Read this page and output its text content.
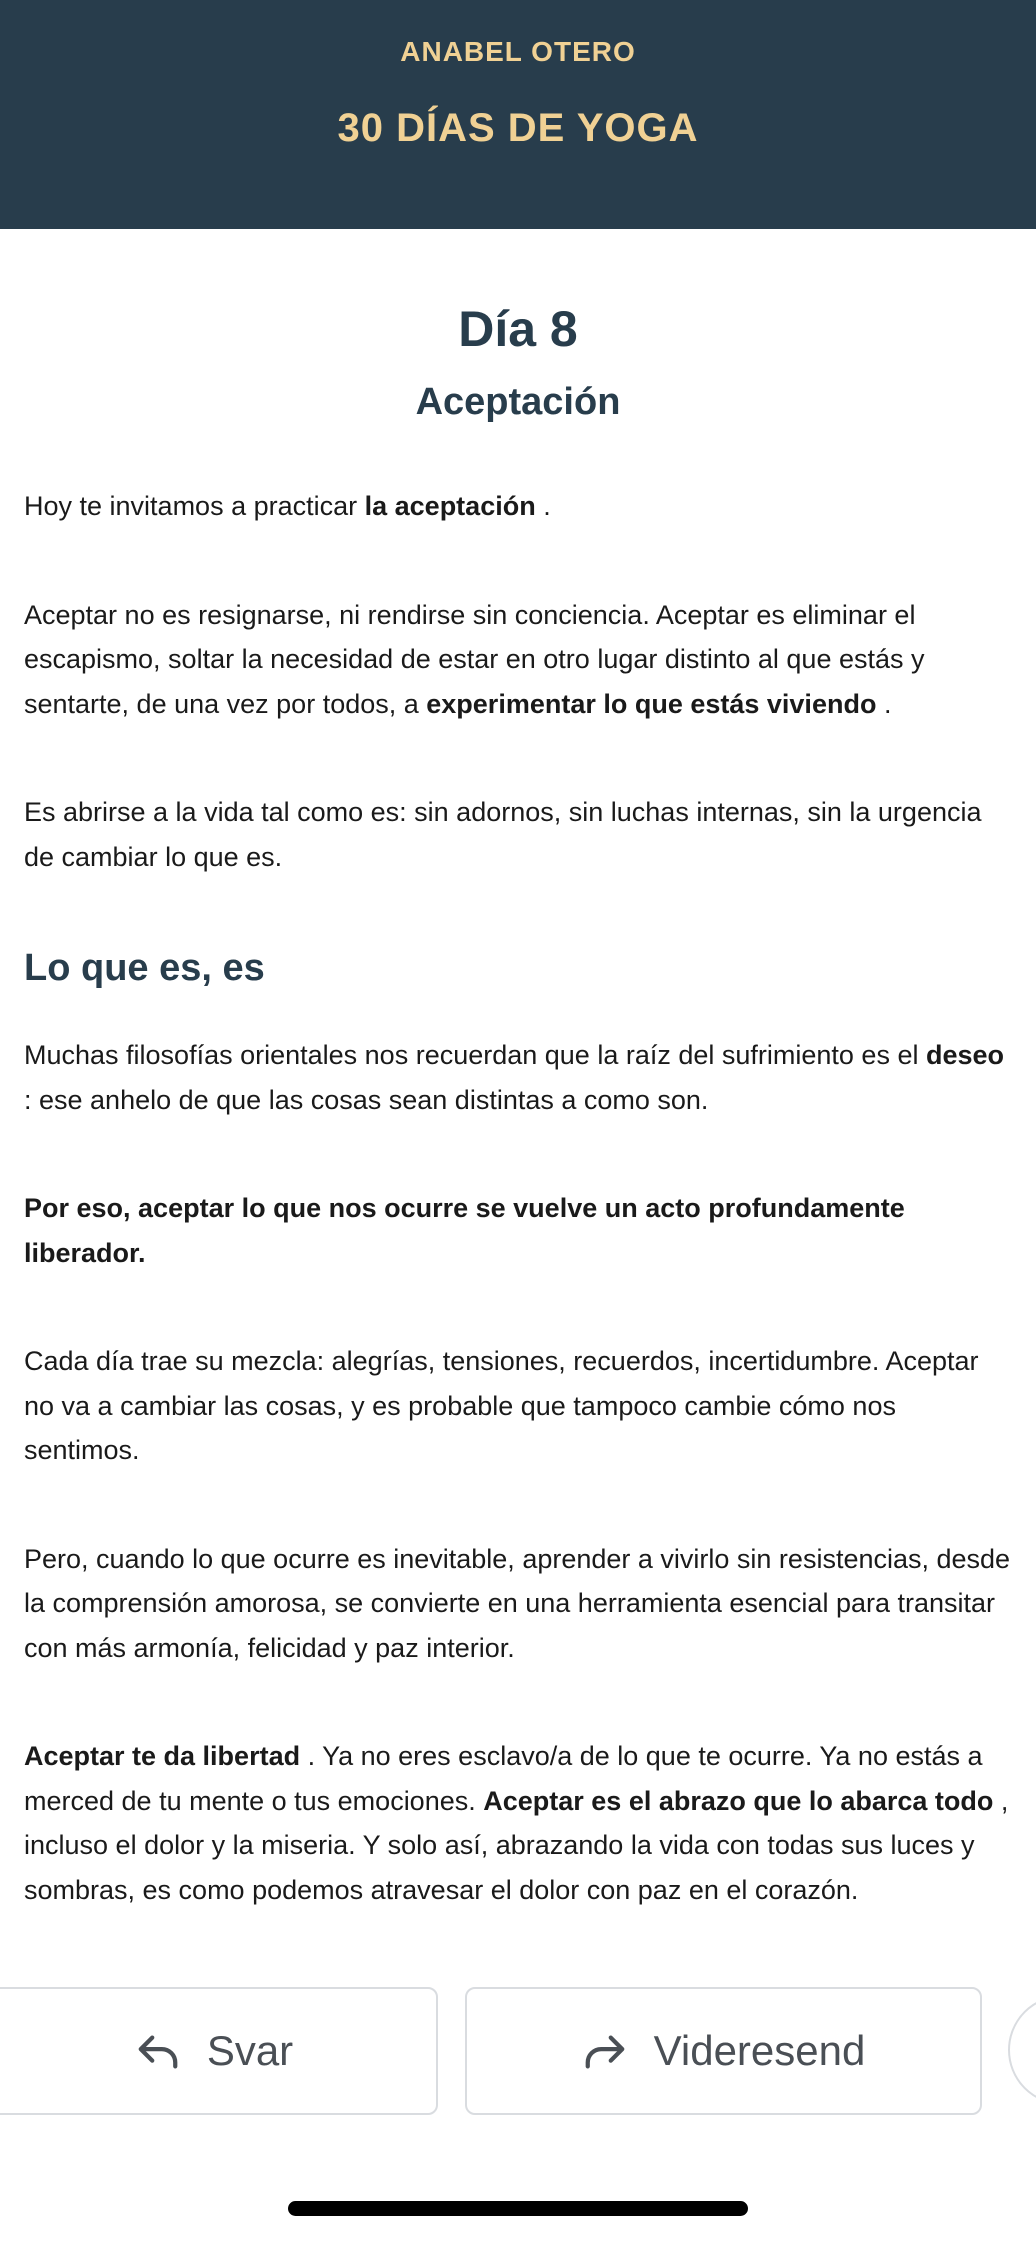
ANABEL OTERO
30 DÍAS DE YOGA
Día 8
Aceptación

Hoy te invitamos a practicar la aceptación .

Aceptar no es resignarse, ni rendirse sin conciencia. Aceptar es eliminar el escapismo, soltar la necesidad de estar en otro lugar distinto al que estás y sentarte, de una vez por todos, a experimentar lo que estás viviendo .

Es abrirse a la vida tal como es: sin adornos, sin luchas internas, sin la urgencia de cambiar lo que es.

Lo que es, es

Muchas filosofías orientales nos recuerdan que la raíz del sufrimiento es el deseo : ese anhelo de que las cosas sean distintas a como son.

Por eso, aceptar lo que nos ocurre se vuelve un acto profundamente liberador.

Cada día trae su mezcla: alegrías, tensiones, recuerdos, incertidumbre. Aceptar no va a cambiar las cosas, y es probable que tampoco cambie cómo nos sentimos.

Pero, cuando lo que ocurre es inevitable, aprender a vivirlo sin resistencias, desde la comprensión amorosa, se convierte en una herramienta esencial para transitar con más armonía, felicidad y paz interior.

Aceptar te da libertad . Ya no eres esclavo/a de lo que te ocurre. Ya no estás a merced de tu mente o tus emociones. Aceptar es el abrazo que lo abarca todo , incluso el dolor y la miseria. Y solo así, abrazando la vida con todas sus luces y sombras, es como podemos atravesar el dolor con paz en el corazón.

Svar	Videresend
